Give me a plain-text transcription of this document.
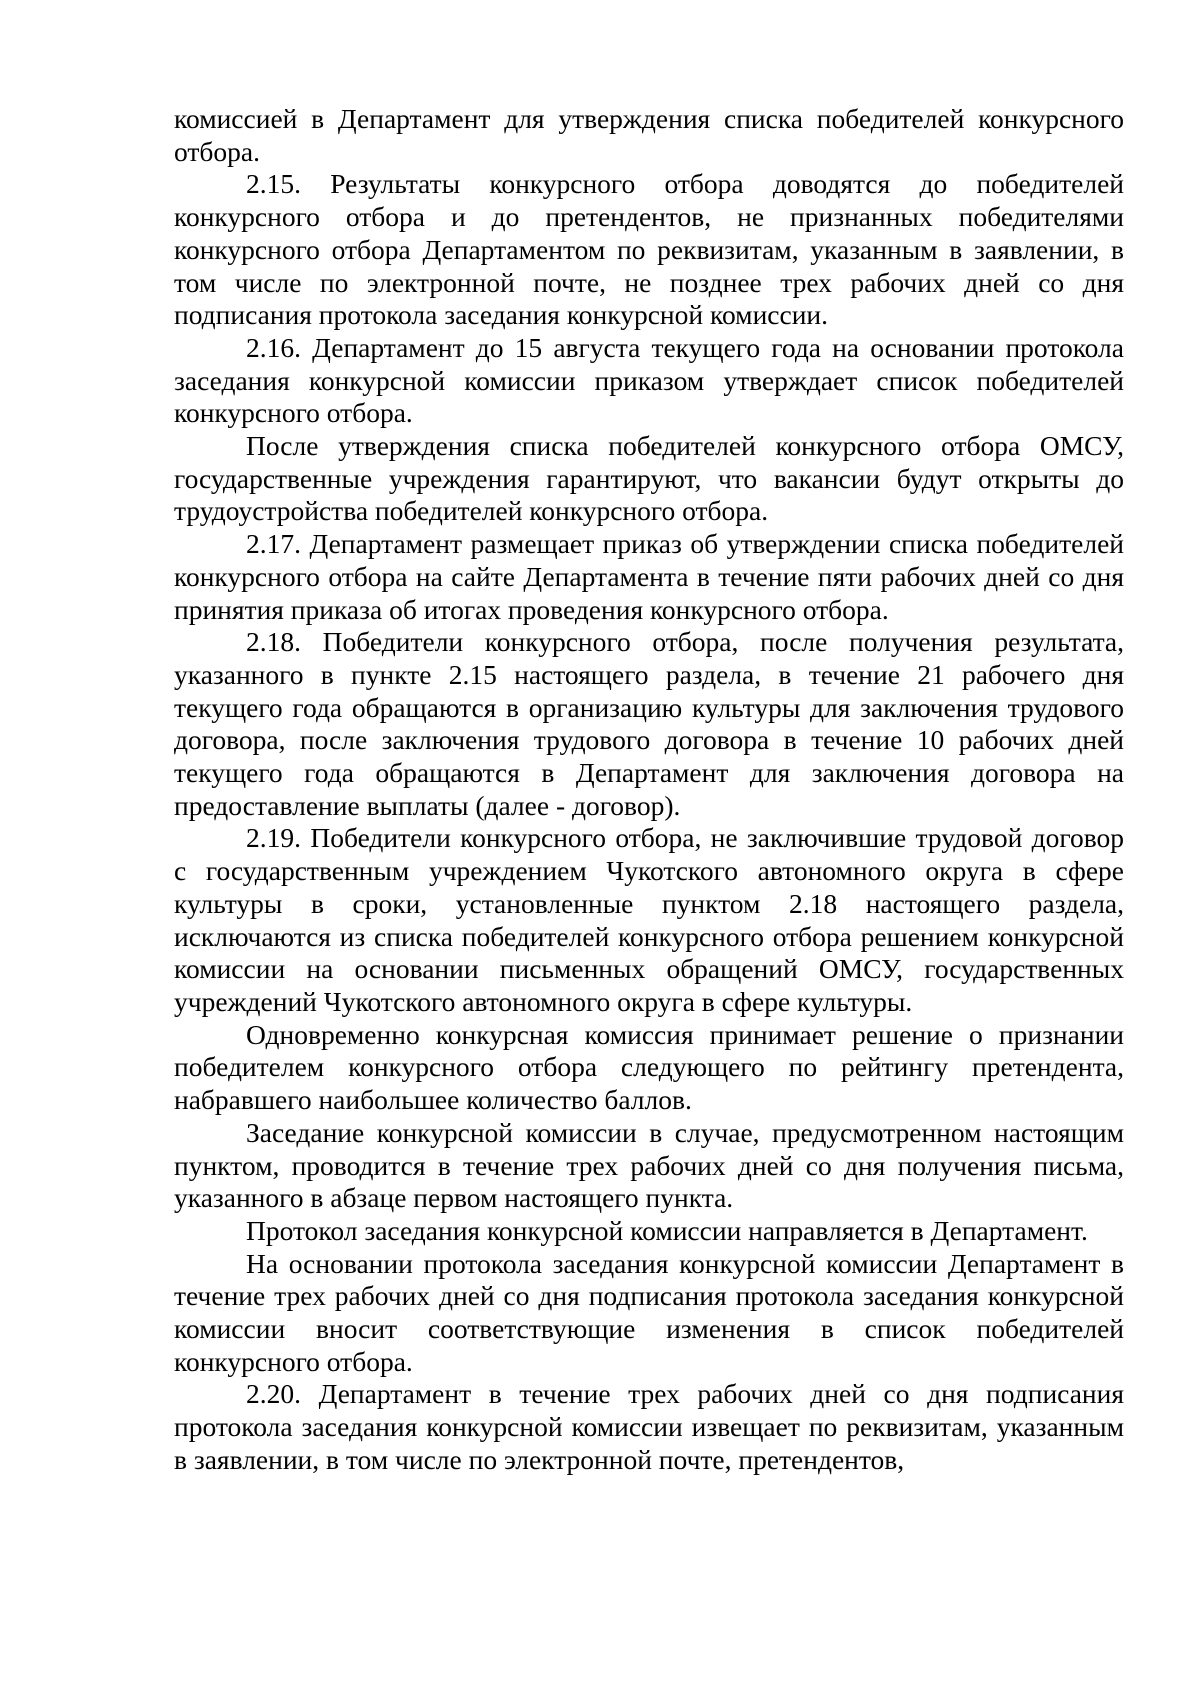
комиссией в Департамент для утверждения списка победителей конкурсного отбора.

2.15. Результаты конкурсного отбора доводятся до победителей конкурсного отбора и до претендентов, не признанных победителями конкурсного отбора Департаментом по реквизитам, указанным в заявлении, в том числе по электронной почте, не позднее трех рабочих дней со дня подписания протокола заседания конкурсной комиссии.

2.16. Департамент до 15 августа текущего года на основании протокола заседания конкурсной комиссии приказом утверждает список победителей конкурсного отбора.

После утверждения списка победителей конкурсного отбора ОМСУ, государственные учреждения гарантируют, что вакансии будут открыты до трудоустройства победителей конкурсного отбора.

2.17. Департамент размещает приказ об утверждении списка победителей конкурсного отбора на сайте Департамента в течение пяти рабочих дней со дня принятия приказа об итогах проведения конкурсного отбора.

2.18. Победители конкурсного отбора, после получения результата, указанного в пункте 2.15 настоящего раздела, в течение 21 рабочего дня текущего года обращаются в организацию культуры для заключения трудового договора, после заключения трудового договора в течение 10 рабочих дней текущего года обращаются в Департамент для заключения договора на предоставление выплаты (далее - договор).

2.19. Победители конкурсного отбора, не заключившие трудовой договор с государственным учреждением Чукотского автономного округа в сфере культуры в сроки, установленные пунктом 2.18 настоящего раздела, исключаются из списка победителей конкурсного отбора решением конкурсной комиссии на основании письменных обращений ОМСУ, государственных учреждений Чукотского автономного округа в сфере культуры.

Одновременно конкурсная комиссия принимает решение о признании победителем конкурсного отбора следующего по рейтингу претендента, набравшего наибольшее количество баллов.

Заседание конкурсной комиссии в случае, предусмотренном настоящим пунктом, проводится в течение трех рабочих дней со дня получения письма, указанного в абзаце первом настоящего пункта.

Протокол заседания конкурсной комиссии направляется в Департамент.

На основании протокола заседания конкурсной комиссии Департамент в течение трех рабочих дней со дня подписания протокола заседания конкурсной комиссии вносит соответствующие изменения в список победителей конкурсного отбора.

2.20. Департамент в течение трех рабочих дней со дня подписания протокола заседания конкурсной комиссии извещает по реквизитам, указанным в заявлении, в том числе по электронной почте, претендентов,
